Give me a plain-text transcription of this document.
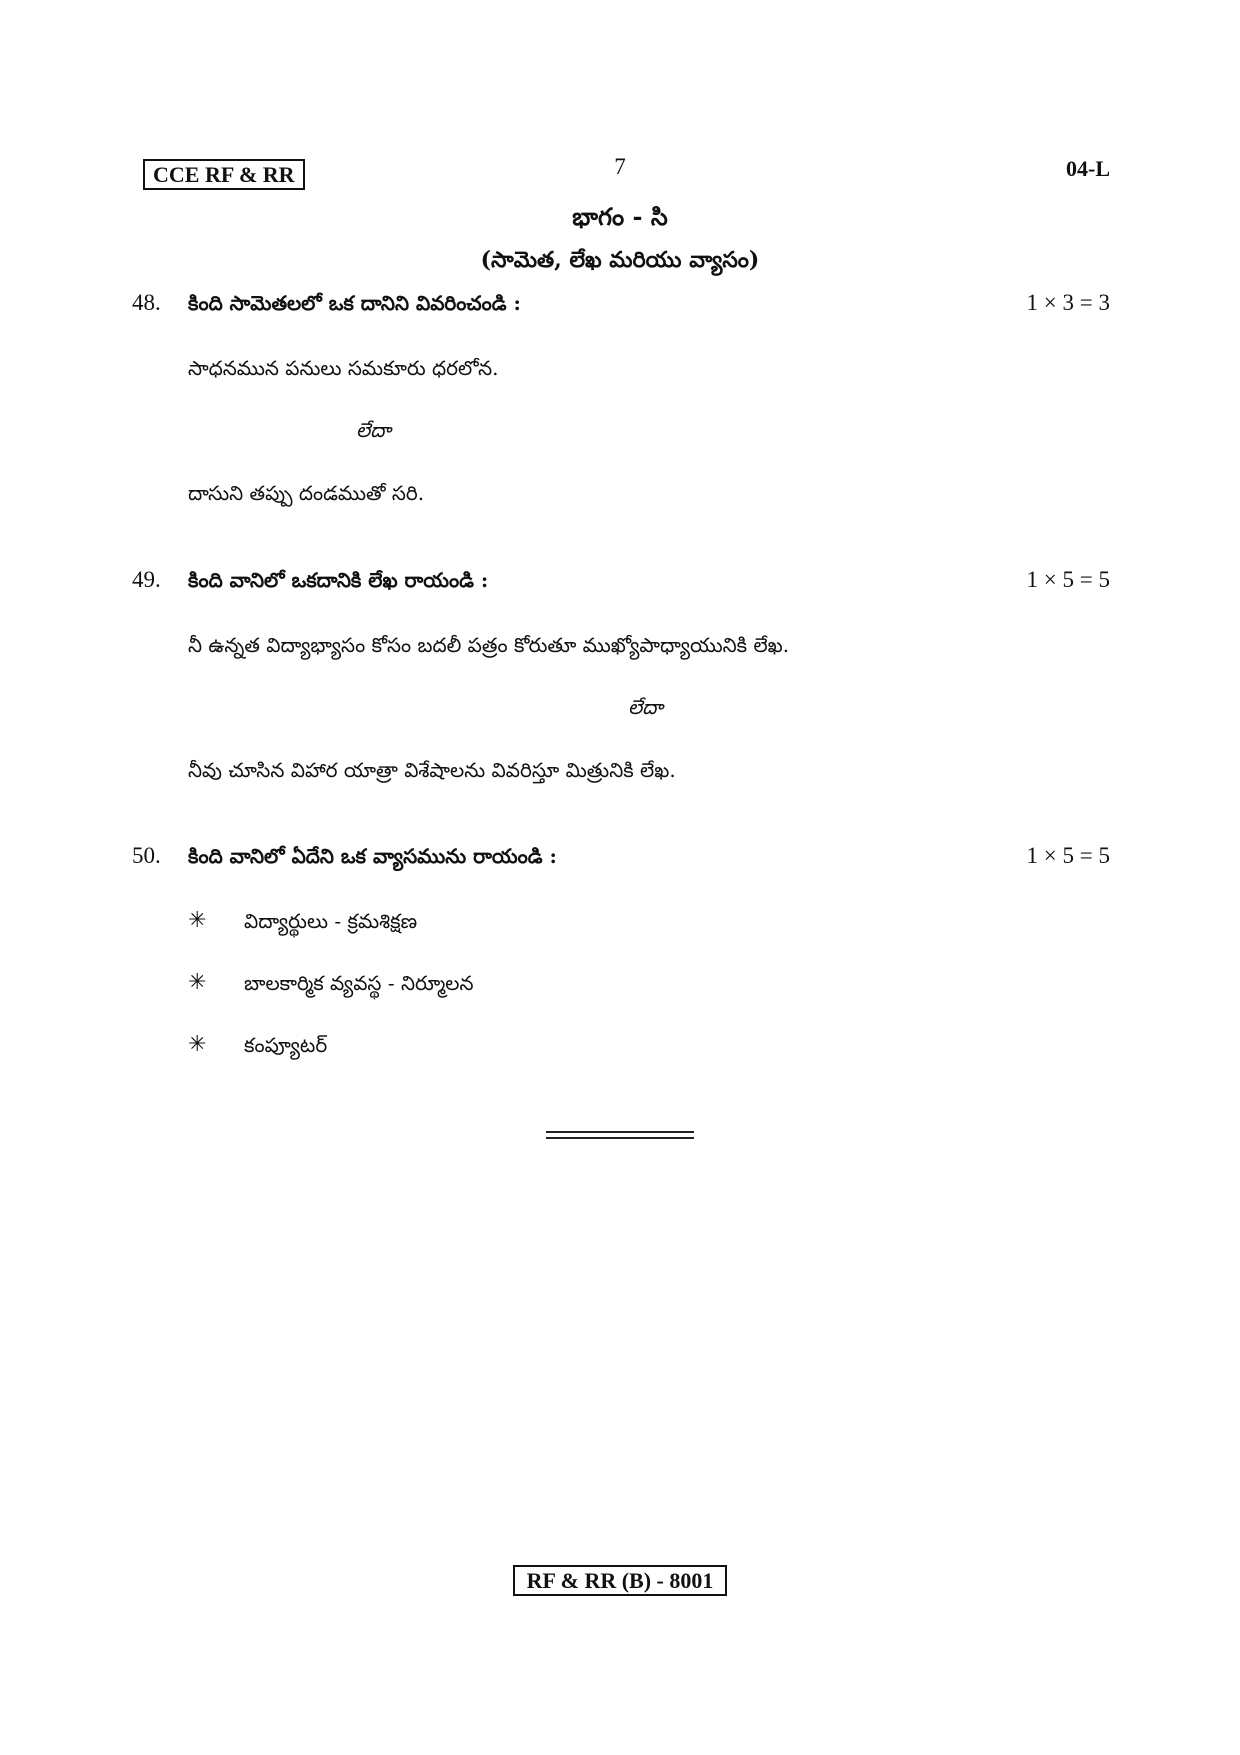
CCE RF & RR	7	04-L
భాగం - సి
(సామెత, లేఖ మరియు వ్యాసం)
48. కింది సామెతలలో ఒక దానిని వివరించండి :	1 × 3 = 3
సాధనమున పనులు సమకూరు ధరలోన.
లేదా
దాసుని తప్పు దండముతో సరి.
49. కింది వానిలో ఒకదానికి లేఖ రాయండి :	1 × 5 = 5
నీ ఉన్నత విద్యాభ్యాసం కోసం బదలీ పత్రం కోరుతూ ముఖ్యోపాధ్యాయునికి లేఖ.
లేదా
నీవు చూసిన విహార యాత్రా విశేషాలను వివరిస్తూ మిత్రునికి లేఖ.
50. కింది వానిలో ఏదేని ఒక వ్యాసమును రాయండి :	1 × 5 = 5
✳ విద్యార్థులు - క్రమశిక్షణ
✳ బాలకార్మిక వ్యవస్థ - నిర్మూలన
✳ కంప్యూటర్
RF & RR (B) - 8001
